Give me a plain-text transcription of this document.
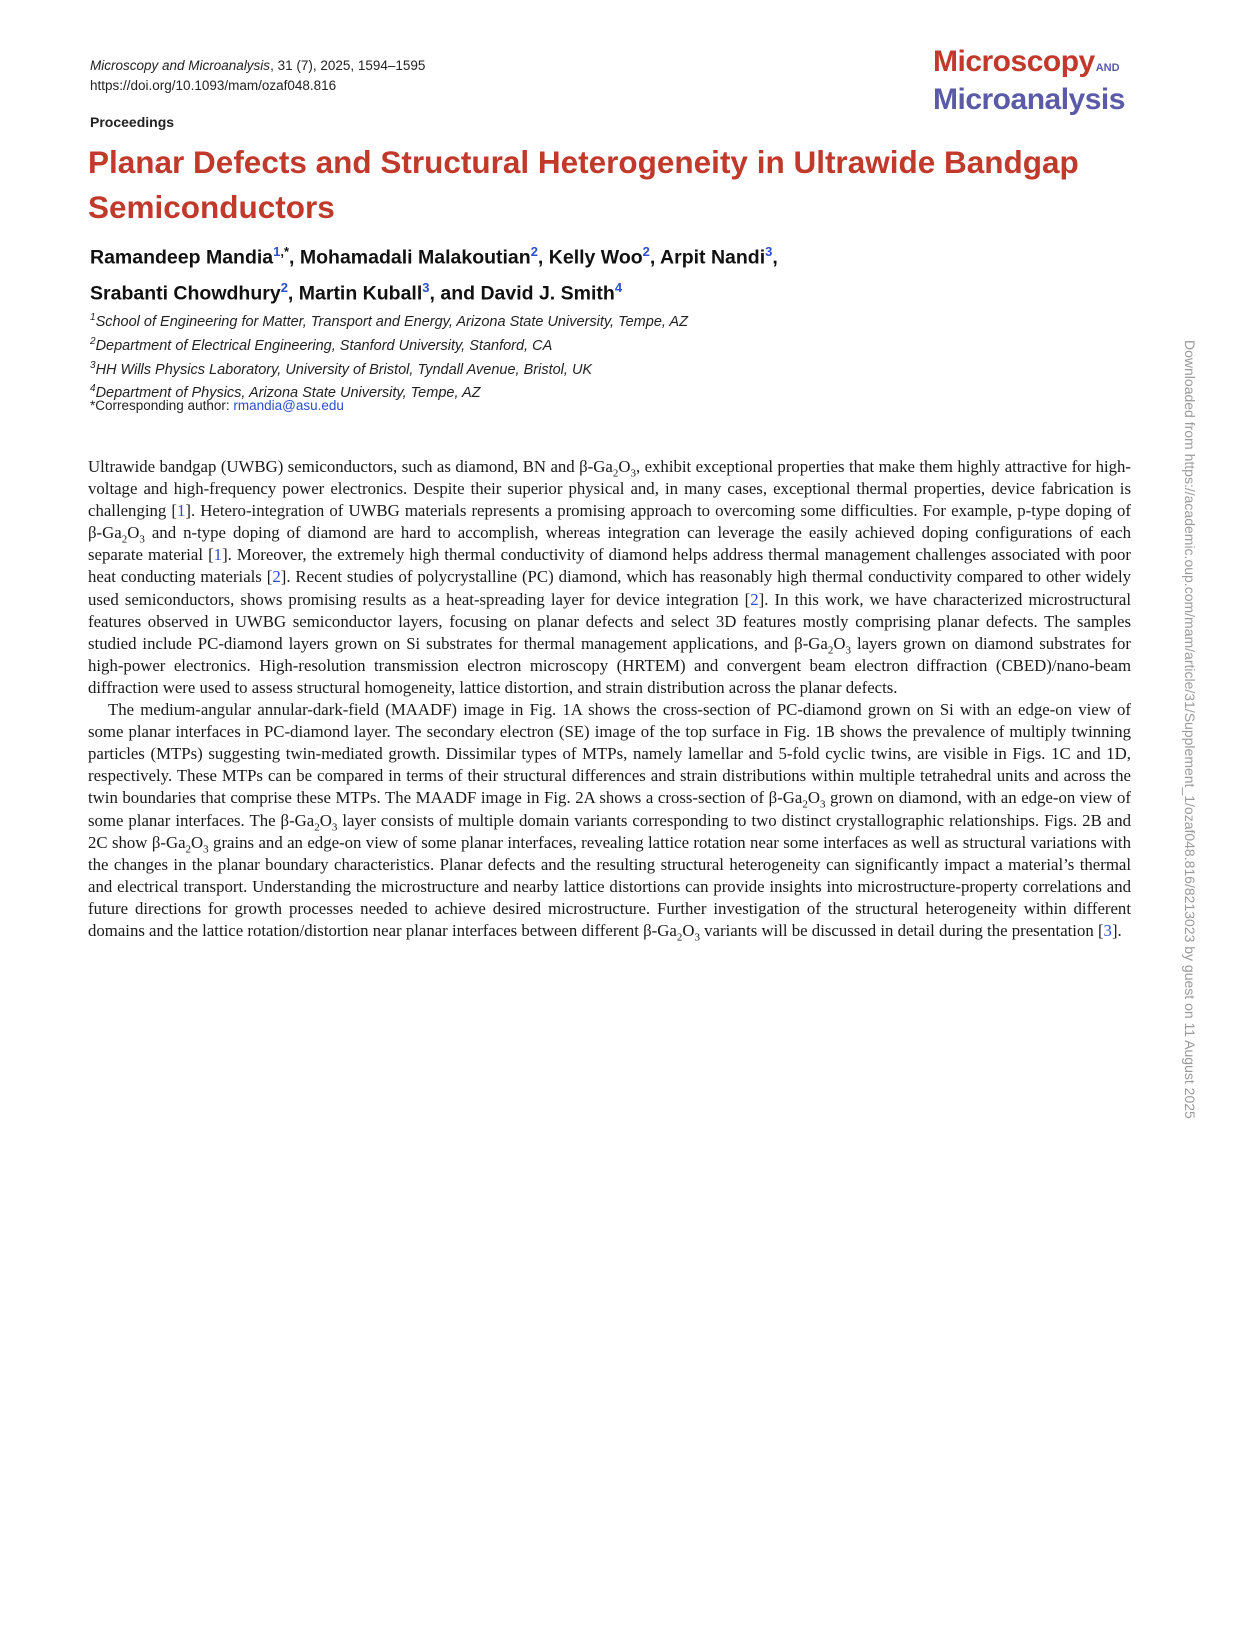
Microscopy and Microanalysis, 31 (7), 2025, 1594–1595
https://doi.org/10.1093/mam/ozaf048.816
MicroscopyAND
Microanalysis
Proceedings
Planar Defects and Structural Heterogeneity in Ultrawide Bandgap Semiconductors
Ramandeep Mandia$^{1,*}$, Mohamadali Malakoutian$^2$, Kelly Woo$^2$, Arpit Nandi$^3$,
Srabanti Chowdhury$^2$, Martin Kuball$^3$, and David J. Smith$^4$
$^1$School of Engineering for Matter, Transport and Energy, Arizona State University, Tempe, AZ
$^2$Department of Electrical Engineering, Stanford University, Stanford, CA
$^3$HH Wills Physics Laboratory, University of Bristol, Tyndall Avenue, Bristol, UK
$^4$Department of Physics, Arizona State University, Tempe, AZ
*Corresponding author: rmandia@asu.edu

Ultrawide bandgap (UWBG) semiconductors, such as diamond, BN and $\beta-Ga_2O_3$, exhibit exceptional properties that make them highly attractive for high-voltage and high-frequency power electronics. Despite their superior physical and, in many cases, exceptional thermal properties, device fabrication is challenging [1]. Hetero-integration of UWBG materials represents a promising approach to overcoming some difficulties. For example, p-type doping of $\beta-Ga_2O_3$ and n-type doping of diamond are hard to accomplish, whereas integration can leverage the easily achieved doping configurations of each separate material [1]. Moreover, the extremely high thermal conductivity of diamond helps address thermal management challenges associated with poor heat conducting materials [2]. Recent studies of polycrystalline (PC) diamond, which has reasonably high thermal conductivity compared to other widely used semiconductors, shows promising results as a heat-spreading layer for device integration [2]. In this work, we have characterized microstructural features observed in UWBG semiconductor layers, focusing on planar defects and select 3D features mostly comprising planar defects. The samples studied include PC-diamond layers grown on Si substrates for thermal management applications, and $\beta-Ga_2O_3$ layers grown on diamond substrates for high-power electronics. High-resolution transmission electron microscopy (HRTEM) and convergent beam electron diffraction (CBED)/nano-beam diffraction were used to assess structural homogeneity, lattice distortion, and strain distribution across the planar defects.

The medium-angular annular-dark-field (MAADF) image in Fig. 1A shows the cross-section of PC-diamond grown on Si with an edge-on view of some planar interfaces in PC-diamond layer. The secondary electron (SE) image of the top surface in Fig. 1B shows the prevalence of multiply twinning particles (MTPs) suggesting twin-mediated growth. Dissimilar types of MTPs, namely lamellar and 5-fold cyclic twins, are visible in Figs. 1C and 1D, respectively. These MTPs can be compared in terms of their structural differences and strain distributions within multiple tetrahedral units and across the twin boundaries that comprise these MTPs. The MAADF image in Fig. 2A shows a cross-section of $\beta-Ga_2O_3$ grown on diamond, with an edge-on view of some planar interfaces. The $\beta-Ga_2O_3$ layer consists of multiple domain variants corresponding to two distinct crystallographic relationships. Figs. 2B and 2C show $\beta-Ga_2O_3$ grains and an edge-on view of some planar interfaces, revealing lattice rotation near some interfaces as well as structural variations with the changes in the planar boundary characteristics. Planar defects and the resulting structural heterogeneity can significantly impact a material’s thermal and electrical transport. Understanding the microstructure and nearby lattice distortions can provide insights into microstructure-property correlations and future directions for growth processes needed to achieve desired microstructure. Further investigation of the structural heterogeneity within different domains and the lattice rotation/distortion near planar interfaces between different $\beta-Ga_2O_3$ variants will be discussed in detail during the presentation [3].	Downloaded from https://academic.oup.com/mam/article/31/Supplement_1/ozaf048.816/8213023 by guest on 11 August 2025
